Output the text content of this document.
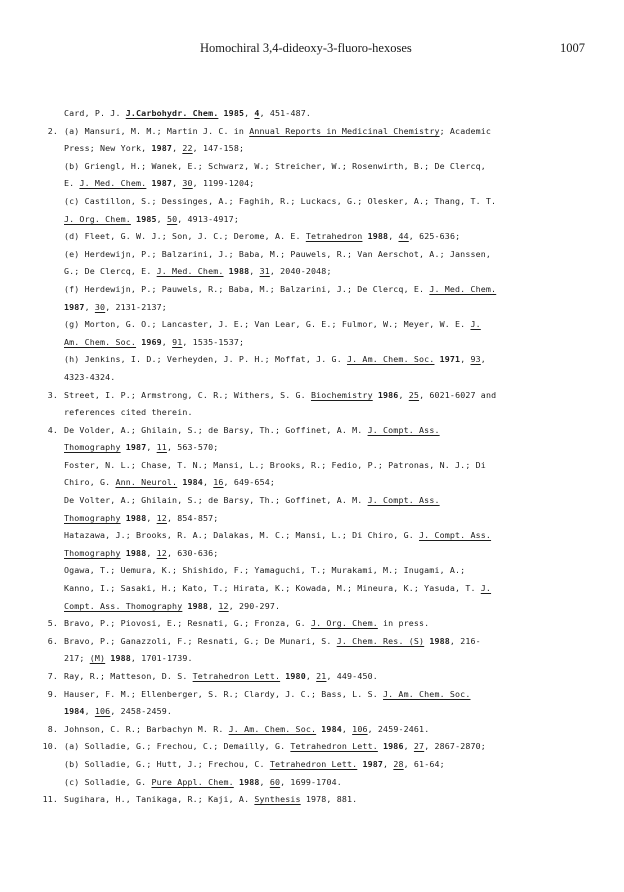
Homochiral 3,4-dideoxy-3-fluoro-hexoses	1007
Card, P. J. J.Carbohydr. Chem. 1985, 4, 451-487.
2. (a) Mansuri, M. M.; Martin J. C. in Annual Reports in Medicinal Chemistry; Academic
Press; New York, 1987, 22, 147-158;
(b) Griengl, H.; Wanek, E.; Schwarz, W.; Streicher, W.; Rosenwirth, B.; De Clercq,
E. J. Med. Chem. 1987, 30, 1199-1204;
(c) Castillon, S.; Dessinges, A.; Faghih, R.; Luckacs, G.; Olesker, A.; Thang, T. T.
J. Org. Chem. 1985, 50, 4913-4917;
(d) Fleet, G. W. J.; Son, J. C.; Derome, A. E. Tetrahedron 1988, 44, 625-636;
(e) Herdewijn, P.; Balzarini, J.; Baba, M.; Pauwels, R.; Van Aerschot, A.; Janssen,
G.; De Clercq, E. J. Med. Chem. 1988, 31, 2040-2048;
(f) Herdewijn, P.; Pauwels, R.; Baba, M.; Balzarini, J.; De Clercq, E. J. Med. Chem.
1987, 30, 2131-2137;
(g) Morton, G. O.; Lancaster, J. E.; Van Lear, G. E.; Fulmor, W.; Meyer, W. E. J.
Am. Chem. Soc. 1969, 91, 1535-1537;
(h) Jenkins, I. D.; Verheyden, J. P. H.; Moffat, J. G. J. Am. Chem. Soc. 1971, 93,
4323-4324.
3. Street, I. P.; Armstrong, C. R.; Withers, S. G. Biochemistry 1986, 25, 6021-6027 and
references cited therein.
4. De Volder, A.; Ghilain, S.; de Barsy, Th.; Goffinet, A. M. J. Compt. Ass.
Thomography 1987, 11, 563-570;
Foster, N. L.; Chase, T. N.; Mansi, L.; Brooks, R.; Fedio, P.; Patronas, N. J.; Di
Chiro, G. Ann. Neurol. 1984, 16, 649-654;
De Volter, A.; Ghilain, S.; de Barsy, Th.; Goffinet, A. M. J. Compt. Ass.
Thomography 1988, 12, 854-857;
Hatazawa, J.; Brooks, R. A.; Dalakas, M. C.; Mansi, L.; Di Chiro, G. J. Compt. Ass.
Thomography 1988, 12, 630-636;
Ogawa, T.; Uemura, K.; Shishido, F.; Yamaguchi, T.; Murakami, M.; Inugami, A.;
Kanno, I.; Sasaki, H.; Kato, T.; Hirata, K.; Kowada, M.; Mineura, K.; Yasuda, T. J.
Compt. Ass. Thomography 1988, 12, 290-297.
5. Bravo, P.; Piovosi, E.; Resnati, G.; Fronza, G. J. Org. Chem. in press.
6. Bravo, P.; Ganazzoli, F.; Resnati, G.; De Munari, S. J. Chem. Res. (S) 1988, 216-
217; (M) 1988, 1701-1739.
7. Ray, R.; Matteson, D. S. Tetrahedron Lett. 1980, 21, 449-450.
9. Hauser, F. M.; Ellenberger, S. R.; Clardy, J. C.; Bass, L. S. J. Am. Chem. Soc.
1984, 106, 2458-2459.
8. Johnson, C. R.; Barbachyn M. R. J. Am. Chem. Soc. 1984, 106, 2459-2461.
10. (a) Solladie, G.; Frechou, C.; Demailly, G. Tetrahedron Lett. 1986, 27, 2867-2870;
(b) Solladie, G.; Hutt, J.; Frechou, C. Tetrahedron Lett. 1987, 28, 61-64;
(c) Solladie, G. Pure Appl. Chem. 1988, 60, 1699-1704.
11. Sugihara, H., Tanikaga, R.; Kaji, A. Synthesis 1978, 881.
